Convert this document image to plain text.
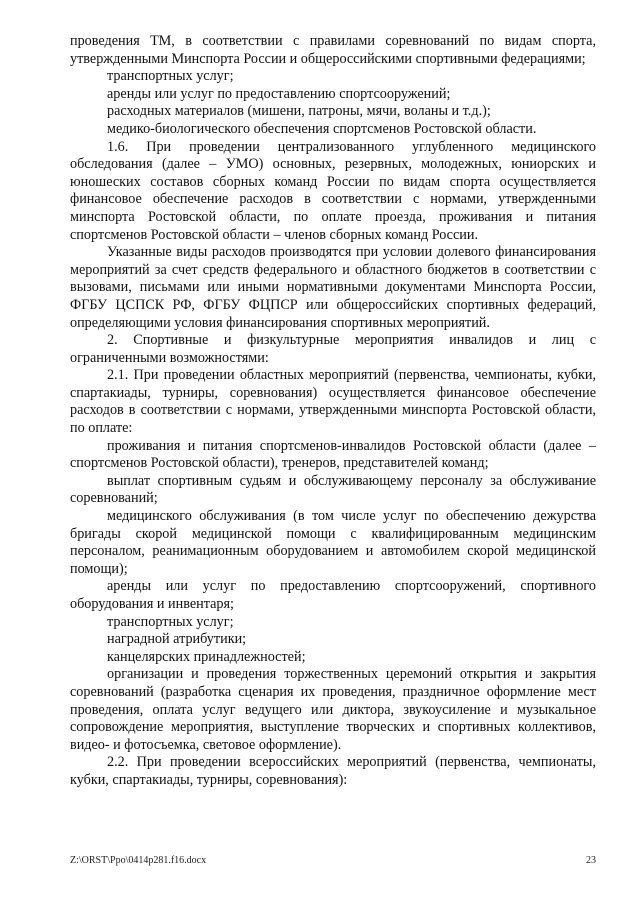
проведения ТМ, в соответствии с правилами соревнований по видам спорта, утвержденными Минспорта России и общероссийскими спортивными федерациями;

транспортных услуг;

аренды или услуг по предоставлению спортсооружений;

расходных материалов (мишени, патроны, мячи, воланы и т.д.);

медико-биологического обеспечения спортсменов Ростовской области.

1.6. При проведении централизованного углубленного медицинского обследования (далее – УМО) основных, резервных, молодежных, юниорских и юношеских составов сборных команд России по видам спорта осуществляется финансовое обеспечение расходов в соответствии с нормами, утвержденными минспорта Ростовской области, по оплате проезда, проживания и питания спортсменов Ростовской области – членов сборных команд России.

Указанные виды расходов производятся при условии долевого финансирования мероприятий за счет средств федерального и областного бюджетов в соответствии с вызовами, письмами или иными нормативными документами Минспорта России, ФГБУ ЦСПСК РФ, ФГБУ ФЦПСР или общероссийских спортивных федераций, определяющими условия финансирования спортивных мероприятий.

2. Спортивные и физкультурные мероприятия инвалидов и лиц с ограниченными возможностями:

2.1. При проведении областных мероприятий (первенства, чемпионаты, кубки, спартакиады, турниры, соревнования) осуществляется финансовое обеспечение расходов в соответствии с нормами, утвержденными минспорта Ростовской области, по оплате:

проживания и питания спортсменов-инвалидов Ростовской области (далее – спортсменов Ростовской области), тренеров, представителей команд;

выплат спортивным судьям и обслуживающему персоналу за обслуживание соревнований;

медицинского обслуживания (в том числе услуг по обеспечению дежурства бригады скорой медицинской помощи с квалифицированным медицинским персоналом, реанимационным оборудованием и автомобилем скорой медицинской помощи);

аренды или услуг по предоставлению спортсооружений, спортивного оборудования и инвентаря;

транспортных услуг;

наградной атрибутики;

канцелярских принадлежностей;

организации и проведения торжественных церемоний открытия и закрытия соревнований (разработка сценария их проведения, праздничное оформление мест проведения, оплата услуг ведущего или диктора, звукоусиление и музыкальное сопровождение мероприятия, выступление творческих и спортивных коллективов, видео- и фотосъемка, световое оформление).

2.2. При проведении всероссийских мероприятий (первенства, чемпионаты, кубки, спартакиады, турниры, соревнования):

Z:\ORST\Ppo\0414p281.f16.docx	23
